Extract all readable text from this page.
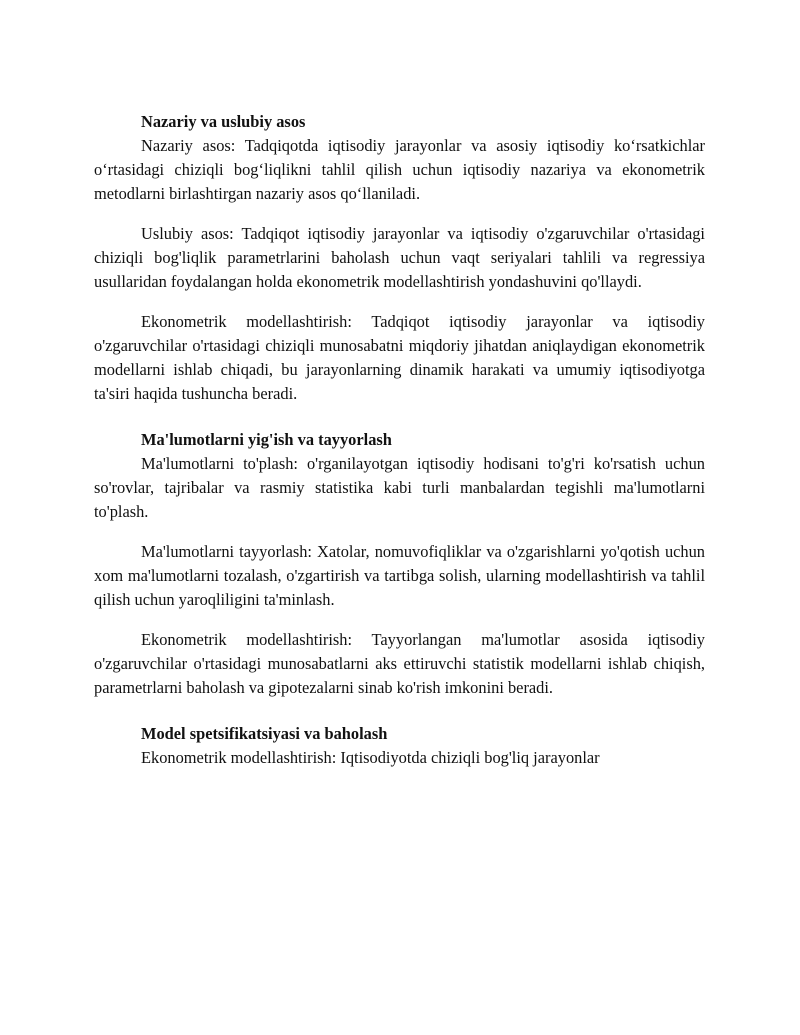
Nazariy va uslubiy asos

Nazariy asos: Tadqiqotda iqtisodiy jarayonlar va asosiy iqtisodiy ko‘rsatkichlar o‘rtasidagi chiziqli bog‘liqlikni tahlil qilish uchun iqtisodiy nazariya va ekonometrik metodlarni birlashtirgan nazariy asos qo‘llaniladi.

Uslubiy asos: Tadqiqot iqtisodiy jarayonlar va iqtisodiy o'zgaruvchilar o'rtasidagi chiziqli bog'liqlik parametrlarini baholash uchun vaqt seriyalari tahlili va regressiya usullaridan foydalangan holda ekonometrik modellashtirish yondashuvini qo'llaydi.

Ekonometrik modellashtirish: Tadqiqot iqtisodiy jarayonlar va iqtisodiy o'zgaruvchilar o'rtasidagi chiziqli munosabatni miqdoriy jihatdan aniqlaydigan ekonometrik modellarni ishlab chiqadi, bu jarayonlarning dinamik harakati va umumiy iqtisodiyotga ta'siri haqida tushuncha beradi.

Ma'lumotlarni yig'ish va tayyorlash

Ma'lumotlarni to'plash: o'rganilayotgan iqtisodiy hodisani to'g'ri ko'rsatish uchun so'rovlar, tajribalar va rasmiy statistika kabi turli manbalardan tegishli ma'lumotlarni to'plash.

Ma'lumotlarni tayyorlash: Xatolar, nomuvofiqliklar va o'zgarishlarni yo'qotish uchun xom ma'lumotlarni tozalash, o'zgartirish va tartibga solish, ularning modellashtirish va tahlil qilish uchun yaroqliligini ta'minlash.

Ekonometrik modellashtirish: Tayyorlangan ma'lumotlar asosida iqtisodiy o'zgaruvchilar o'rtasidagi munosabatlarni aks ettiruvchi statistik modellarni ishlab chiqish, parametrlarni baholash va gipotezalarni sinab ko'rish imkonini beradi.

Model spetsifikatsiyasi va baholash

Ekonometrik modellashtirish: Iqtisodiyotda chiziqli bog'liq jarayonlar
